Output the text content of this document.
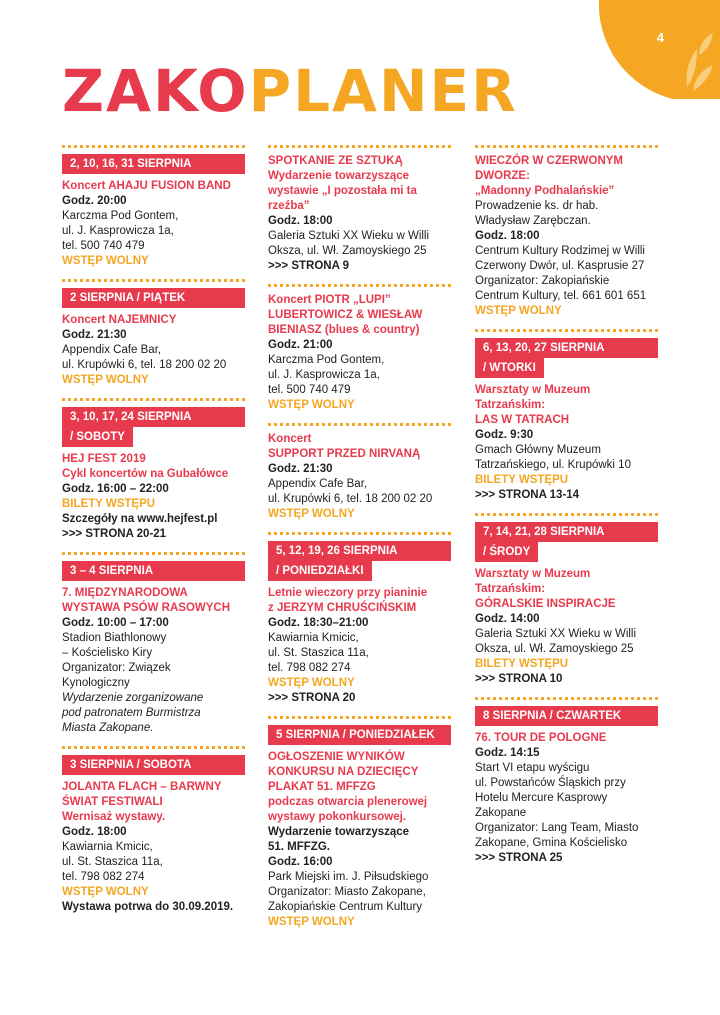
4
ZAKOPLANER
2, 10, 16, 31 SIERPNIA
Koncert AHAJU FUSION BAND
Godz. 20:00
Karczma Pod Gontem,
ul. J. Kasprowicza 1a,
tel. 500 740 479
WSTĘP WOLNY
2 SIERPNIA / PIĄTEK
Koncert NAJEMNICY
Godz. 21:30
Appendix Cafe Bar,
ul. Krupówki 6, tel. 18 200 02 20
WSTĘP WOLNY
3, 10, 17, 24 SIERPNIA
/ SOBOTY
HEJ FEST 2019
Cykl koncertów na Gubałówce
Godz. 16:00 – 22:00
BILETY WSTĘPU
Szczegóły na www.hejfest.pl
>>> STRONA 20-21
3 – 4 SIERPNIA
7. MIĘDZYNARODOWA
WYSTAWA PSÓW RASOWYCH
Godz. 10:00 – 17:00
Stadion Biathlonowy
– Kościelisko Kiry
Organizator: Związek
Kynologiczny
Wydarzenie zorganizowane
pod patronatem Burmistrza
Miasta Zakopane.
3 SIERPNIA / SOBOTA
JOLANTA FLACH – BARWNY
ŚWIAT FESTIWALI
Wernisaż wystawy.
Godz. 18:00
Kawiarnia Kmicic,
ul. St. Staszica 11a,
tel. 798 082 274
WSTĘP WOLNY
Wystawa potrwa do 30.09.2019.
SPOTKANIE ZE SZTUKĄ
Wydarzenie towarzyszące
wystawie „I pozostała mi ta
rzeźba”
Godz. 18:00
Galeria Sztuki XX Wieku w Willi
Oksza, ul. Wł. Zamoyskiego 25
>>> STRONA 9
Koncert PIOTR „LUPI”
LUBERTOWICZ & WIESŁAW
BIENIASZ (blues & country)
Godz. 21:00
Karczma Pod Gontem,
ul. J. Kasprowicza 1a,
tel. 500 740 479
WSTĘP WOLNY
Koncert
SUPPORT PRZED NIRVANĄ
Godz. 21:30
Appendix Cafe Bar,
ul. Krupówki 6, tel. 18 200 02 20
WSTĘP WOLNY
5, 12, 19, 26 SIERPNIA
/ PONIEDZIAŁKI
Letnie wieczory przy pianinie
z JERZYM CHRUŚCIŃSKIM
Godz. 18:30–21:00
Kawiarnia Kmicic,
ul. St. Staszica 11a,
tel. 798 082 274
WSTĘP WOLNY
>>> STRONA 20
5 SIERPNIA / PONIEDZIAŁEK
OGŁOSZENIE WYNIKÓW
KONKURSU NA DZIECIĘCY
PLAKAT 51. MFFZG
podczas otwarcia plenerowej
wystawy pokonkursowej.
Wydarzenie towarzyszące
51. MFFZG.
Godz. 16:00
Park Miejski im. J. Piłsudskiego
Organizator: Miasto Zakopane,
Zakopiańskie Centrum Kultury
WSTĘP WOLNY
WIECZÓR W CZERWONYM
DWORZE:
„Madonny Podhalańskie”
Prowadzenie ks. dr hab.
Władysław Zarębczan.
Godz. 18:00
Centrum Kultury Rodzimej w Willi
Czerwony Dwór, ul. Kasprusie 27
Organizator: Zakopiańskie
Centrum Kultury, tel. 661 601 651
WSTĘP WOLNY
6, 13, 20, 27 SIERPNIA
/ WTORKI
Warsztaty w Muzeum
Tatrzańskim:
LAS W TATRACH
Godz. 9:30
Gmach Główny Muzeum
Tatrzańskiego, ul. Krupówki 10
BILETY WSTĘPU
>>> STRONA 13-14
7, 14, 21, 28 SIERPNIA
/ ŚRODY
Warsztaty w Muzeum
Tatrzańskim:
GÓRALSKIE INSPIRACJE
Godz. 14:00
Galeria Sztuki XX Wieku w Willi
Oksza, ul. Wł. Zamoyskiego 25
BILETY WSTĘPU
>>> STRONA 10
8 SIERPNIA / CZWARTEK
76. TOUR DE POLOGNE
Godz. 14:15
Start VI etapu wyścigu
ul. Powstańców Śląskich przy
Hotelu Mercure Kasprowy
Zakopane
Organizator: Lang Team, Miasto
Zakopane, Gmina Kościelisko
>>> STRONA 25
